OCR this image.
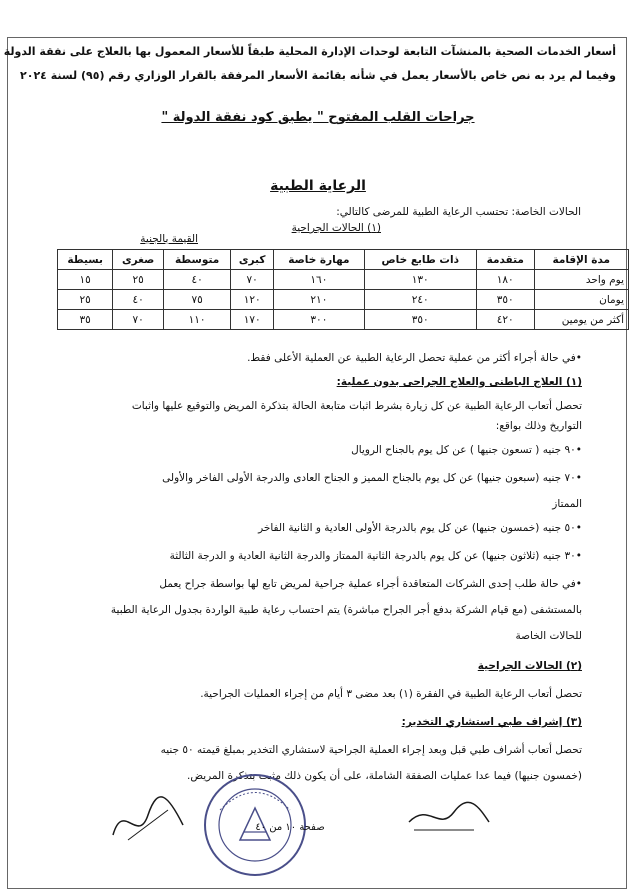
أسعار الخدمات الصحية بالمنشآت التابعة لوحدات الإدارة المحلية طبقاً للأسعار المعمول بها بالعلاج على نفقة الدولة

وفيما لم يرد به نص خاص بالأسعار يعمل في شأنه بقائمة الأسعار المرفقة بالقرار الوزاري رقم (٩٥) لسنة ٢٠٢٤

جراحات القلب المفتوح " يطبق كود نفقة الدولة "

الرعاية الطبية

الحالات الخاصة: تحتسب الرعاية الطبية للمرضى كالتالي:

(١) الحالات الجراحية

القيمة بالجنية

مدة الإقامة	متقدمة	ذات طابع خاص	مهارة خاصة	كبرى	متوسطة	صغرى	بسيطة
يوم واحد	١٨٠	١٣٠	١٦٠	٧٠	٤٠	٢٥	١٥
يومان	٣٥٠	٢٤٠	٢١٠	١٢٠	٧٥	٤٠	٢٥
أكثر من يومين	٤٢٠	٣٥٠	٣٠٠	١٧٠	١١٠	٧٠	٣٥

•في حالة أجراء أكثر من عملية تحصل الرعاية الطبية عن العملية الأعلى فقط.

(١) العلاج الباطنى والعلاج الجراحى بدون عملية:

تحصل أتعاب الرعاية الطبية عن كل زيارة بشرط اثبات متابعة الحالة بتذكرة المريض والتوقيع عليها واثبات

التواريخ وذلك بواقع:

•٩٠ جنيه ( تسعون جنيها ) عن كل يوم بالجناح الرويال

•٧٠ جنيه (سبعون جنيها) عن كل يوم بالجناح المميز و الجناح العادى والدرجة الأولى الفاخر والأولى

الممتاز

•٥٠ جنيه (خمسون جنيها) عن كل يوم بالدرجة الأولى العادية و الثانية الفاخر

•٣٠ جنيه (ثلاثون جنيها) عن كل يوم بالدرجة الثانية الممتاز والدرجة الثانية العادية و الدرجة الثالثة

•في حالة طلب إحدى الشركات المتعاقدة أجراء عملية جراحية لمريض تابع لها بواسطة جراح يعمل

بالمستشفى (مع قيام الشركة بدفع أجر الجراح مباشرة) يتم احتساب رعاية طبية الواردة بجدول الرعاية الطبية

للحالات الخاصة

(٢) الحالات الجراحية

تحصل أتعاب الرعاية الطبية في الفقرة (١) بعد مضى ٣ أيام من إجراء العمليات الجراحية.

(٣) إشراف طبي استشاري التخدير:

تحصل أتعاب أشراف طبي قبل وبعد إجراء العملية الجراحية لاستشاري التخدير بمبلغ قيمته ٥٠ جنيه

(خمسون جنيها) فيما عدا عمليات الصفقة الشاملة، على أن يكون ذلك مثبت بتذكرة المريض.

صفحة ١٠ من ٤٠
